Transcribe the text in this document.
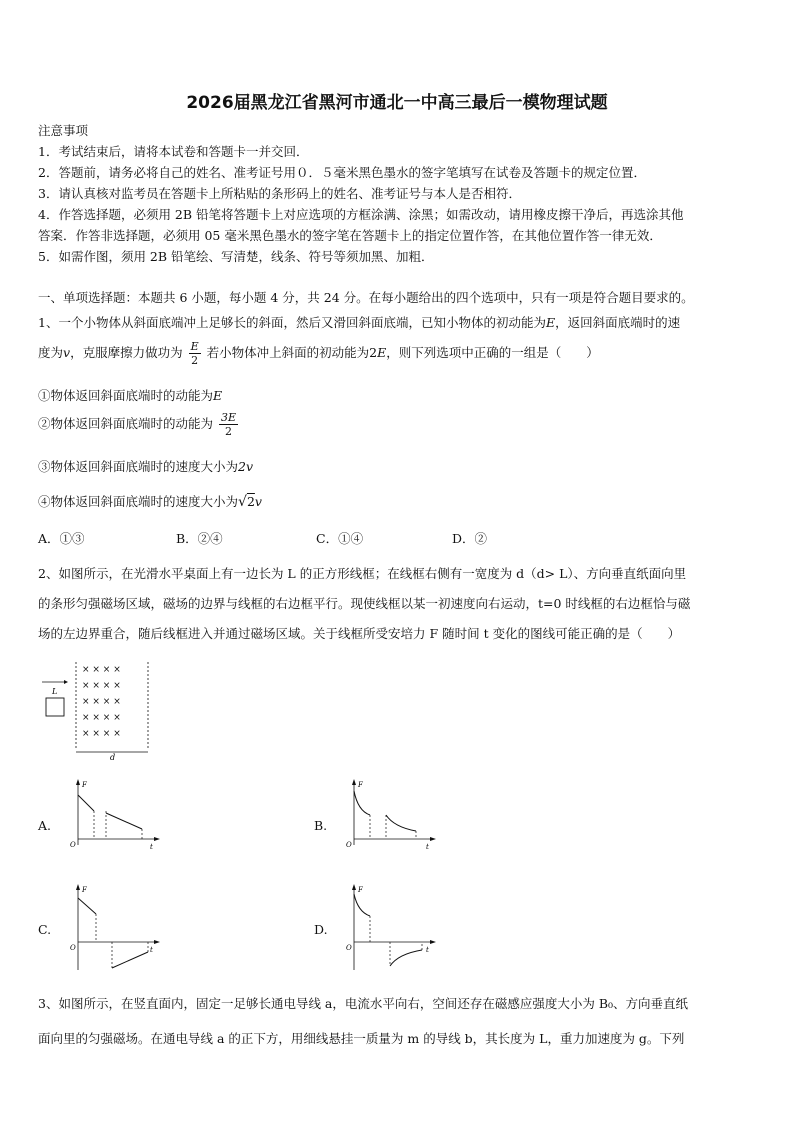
2026届黑龙江省黑河市通北一中高三最后一模物理试题
注意事项
1．考试结束后，请将本试卷和答题卡一并交回．
2．答题前，请务必将自己的姓名、准考证号用０．５毫米黑色墨水的签字笔填写在试卷及答题卡的规定位置．
3．请认真核对监考员在答题卡上所粘贴的条形码上的姓名、准考证号与本人是否相符．
4．作答选择题，必须用 2B 铅笔将答题卡上对应选项的方框涂满、涂黑；如需改动，请用橡皮擦干净后，再选涂其他
答案．作答非选择题，必须用 05 毫米黑色墨水的签字笔在答题卡上的指定位置作答，在其他位置作答一律无效．
5．如需作图，须用 2B 铅笔绘、写清楚，线条、符号等须加黑、加粗．
一、单项选择题：本题共 6 小题，每小题 4 分，共 24 分。在每小题给出的四个选项中，只有一项是符合题目要求的。
1、一个小物体从斜面底端冲上足够长的斜面，然后又滑回斜面底端，已知小物体的初动能为E，返回斜面底端时的速
度为v，克服摩擦力做功为 $\frac{E}{2}$ 若小物体冲上斜面的初动能为2E，则下列选项中正确的一组是（　　）
①物体返回斜面底端时的动能为E
②物体返回斜面底端时的动能为 $\frac{3E}{2}$
③物体返回斜面底端时的速度大小为2v
④物体返回斜面底端时的速度大小为√2v
A．①③	B．②④	C．①④	D．②
2、如图所示，在光滑水平桌面上有一边长为 L 的正方形线框；在线框右侧有一宽度为 d（d> L）、方向垂直纸面向里
的条形匀强磁场区域，磁场的边界与线框的右边框平行。现使线框以某一初速度向右运动，t=0 时线框的右边框恰与磁
场的左边界重合，随后线框进入并通过磁场区域。关于线框所受安培力 F 随时间 t 变化的图线可能正确的是（　　）
× × × ×
× × × ×
× × × ×
× × × ×
× × × ×
L
d
A.
F
t
O
B.
F
t
O
C.
F
t
O
D.
F
t
O
3、如图所示，在竖直面内，固定一足够长通电导线 a，电流水平向右，空间还存在磁感应强度大小为 B₀、方向垂直纸
面向里的匀强磁场。在通电导线 a 的正下方，用细线悬挂一质量为 m 的导线 b，其长度为 L，重力加速度为 g。下列
